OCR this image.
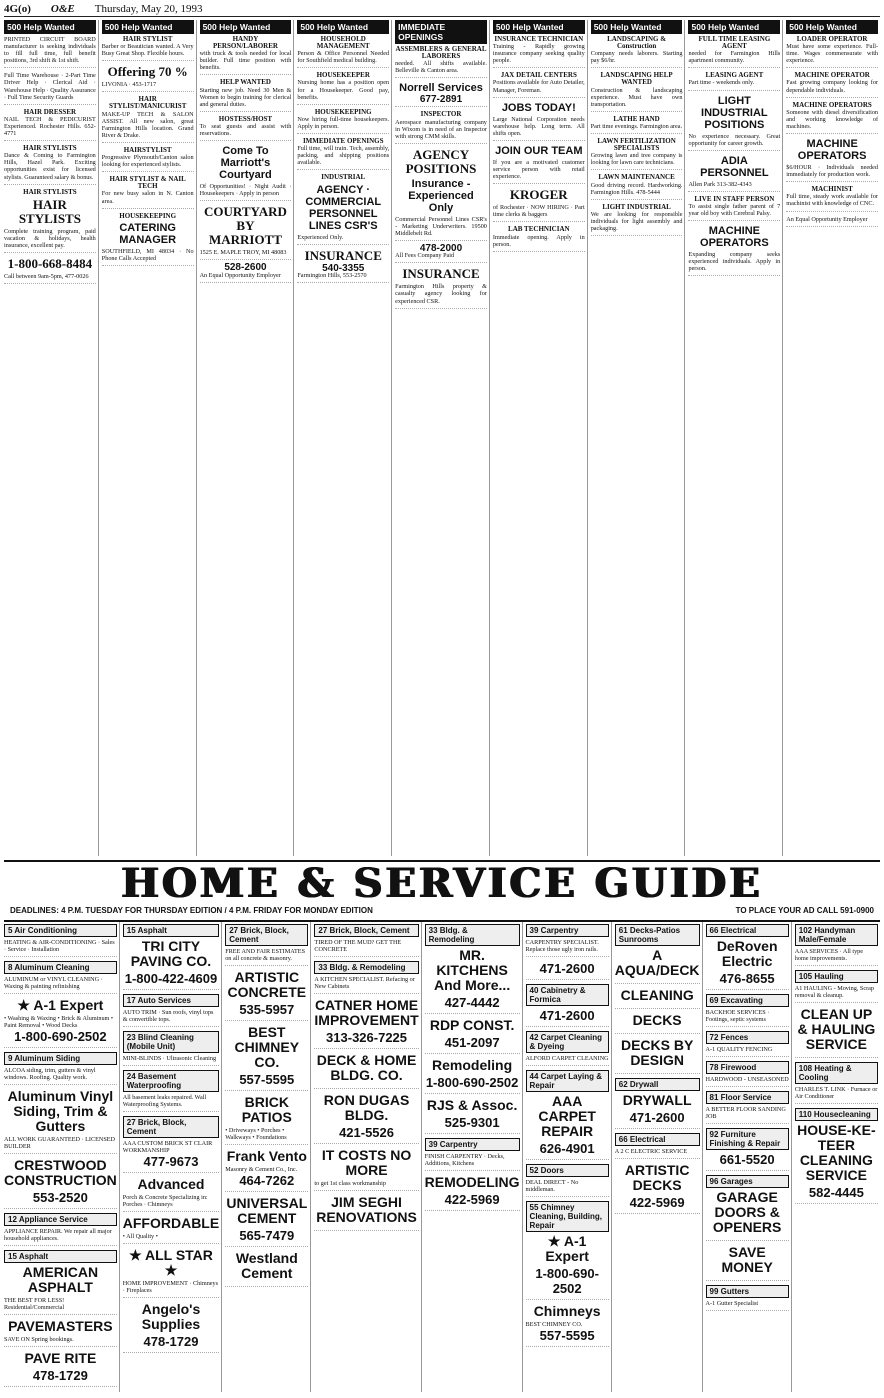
4G(o) O&E Thursday, May 20, 1993
500 Help Wanted
PRINTED CIRCUIT BOARD manufacturer is seeking individuals to fill full time, full benefit positions, 3rd shift & 1st shift.
Full Time Warehouse · 2-Part Time Driver Help · Clerical Aid · Warehouse Help · Quality Assurance · Full Time Security Guards
HAIR DRESSER
NAIL TECH & PEDICURIST Experienced. Rochester Hills. 652-4771
HAIR STYLISTS
Dance & Coming to Farmington Hills, Hazel Park. Exciting opportunities exist for licensed stylists. Guaranteed salary & bonus.
HAIR STYLISTS
HAIR STYLISTS
Complete training program, paid vacation & holidays, health insurance, excellent pay.
1-800-668-8484
Call between 9am-5pm, 477-0026
500 Help Wanted
HAIR STYLIST
Barber or Beautician wanted. A Very Busy Great Shop. Flexible hours.
Offering 70 %
LIVONIA · 453-1717
HAIR STYLIST/MANICURIST
MAKE-UP TECH & SALON ASSIST. All new salon, great Farmington Hills location. Grand River & Drake.
HAIRSTYLIST
Progressive Plymouth/Canton salon looking for experienced stylists.
HAIR STYLIST & NAIL TECH
For new busy salon in N. Canton area.
HOUSEKEEPING
CATERING MANAGER
SOUTHFIELD, MI 48034 · No Phone Calls Accepted
500 Help Wanted
HANDY PERSON/LABORER
with truck & tools needed for local builder. Full time position with benefits.
HELP WANTED
Starting new job. Need 30 Men & Women to begin training for clerical and general duties.
HOSTESS/HOST
To seat guests and assist with reservations.
Come To Marriott's Courtyard
Of Opportunities! · Night Audit · Housekeepers · Apply in person
COURTYARD BY MARRIOTT
1525 E. MAPLE TROY, MI 48083
528-2600
An Equal Opportunity Employer
500 Help Wanted
HOUSEHOLD MANAGEMENT
Person & Office Personnel Needed for Southfield medical building.
HOUSEKEEPER
Nursing home has a position open for a Housekeeper. Good pay, benefits.
HOUSEKEEPING
Now hiring full-time housekeepers. Apply in person.
IMMEDIATE OPENINGS
Full time, will train. Tech, assembly, packing, and shipping positions available.
INDUSTRIAL
AGENCY · COMMERCIAL PERSONNEL LINES CSR'S
Experienced Only.
INSURANCE
540-3355
Farmington Hills, 553-2570
IMMEDIATE OPENINGS
ASSEMBLERS & GENERAL LABORERS
needed. All shifts available. Belleville & Canton area.
Norrell Services
677-2891
INSPECTOR
Aerospace manufacturing company in Wixom is in need of an Inspector with strong CMM skills.
AGENCY POSITIONS
Insurance - Experienced Only
Commercial Personnel Lines CSR's - Marketing Underwriters. 19500 Middlebelt Rd.
478-2000
All Fees Company Paid
INSURANCE
Farmington Hills property & casualty agency looking for experienced CSR.
500 Help Wanted
INSURANCE TECHNICIAN
Training - Rapidly growing insurance company seeking quality people.
JAX DETAIL CENTERS
Positions available for Auto Detailer, Manager, Foreman.
JOBS TODAY!
Large National Corporation needs warehouse help. Long term. All shifts open.
JOIN OUR TEAM
If you are a motivated customer service person with retail experience.
KROGER
of Rochester · NOW HIRING · Part time clerks & baggers
LAB TECHNICIAN
Immediate opening. Apply in person.
500 Help Wanted
LANDSCAPING & Construction
Company needs laborers. Starting pay $6/hr.
LANDSCAPING HELP WANTED
Construction & landscaping experience. Must have own transportation.
LATHE HAND
Part time evenings. Farmington area.
LAWN FERTILIZATION SPECIALISTS
Growing lawn and tree company is looking for lawn care technicians.
LAWN MAINTENANCE
Good driving record. Hardworking. Farmington Hills. 478-5444
LIGHT INDUSTRIAL
We are looking for responsible individuals for light assembly and packaging.
500 Help Wanted
FULL TIME LEASING AGENT
needed for Farmington Hills apartment community.
LEASING AGENT
Part time - weekends only.
LIGHT INDUSTRIAL POSITIONS
No experience necessary. Great opportunity for career growth.
ADIA PERSONNEL
Allen Park 313-382-4343
LIVE IN STAFF PERSON
To assist single father parent of 7 year old boy with Cerebral Palsy.
MACHINE OPERATORS
Expanding company seeks experienced individuals. Apply in person.
500 Help Wanted
LOADER OPERATOR
Must have some experience. Full-time. Wages commensurate with experience.
MACHINE OPERATOR
Fast growing company looking for dependable individuals.
MACHINE OPERATORS
Someone with diesel diversification and working knowledge of machines.
MACHINE OPERATORS
$6/HOUR · Individuals needed immediately for production work.
MACHINIST
Full time, steady work available for machinist with knowledge of CNC.
An Equal Opportunity Employer
HOME & SERVICE GUIDE
DEADLINES: 4 P.M. TUESDAY FOR THURSDAY EDITION / 4 P.M. FRIDAY FOR MONDAY EDITION	TO PLACE YOUR AD CALL 591-0900
5 Air Conditioning
HEATING & AIR-CONDITIONING · Sales · Service · Installation
8 Aluminum Cleaning
ALUMINUM or VINYL CLEANING · Waxing & painting refinishing
★ A-1 Expert
• Washing & Waxing • Brick & Aluminum • Paint Removal • Wood Decks
1-800-690-2502
9 Aluminum Siding
ALCOA siding, trim, gutters & vinyl windows. Roofing. Quality work.
Aluminum Vinyl Siding, Trim & Gutters
ALL WORK GUARANTEED · LICENSED BUILDER
CRESTWOOD CONSTRUCTION
553-2520
12 Appliance Service
APPLIANCE REPAIR. We repair all major household appliances.
15 Asphalt
AMERICAN ASPHALT
THE BEST FOR LESS! Residential/Commercial
PAVEMASTERS
SAVE ON Spring bookings.
PAVE RITE
478-1729
15 Asphalt
TRI CITY PAVING CO.
1-800-422-4609
17 Auto Services
AUTO TRIM · Sun roofs, vinyl tops & convertible tops.
23 Blind Cleaning (Mobile Unit)
MINI-BLINDS · Ultrasonic Cleaning
24 Basement Waterproofing
All basement leaks repaired. Wall Waterproofing Systems.
27 Brick, Block, Cement
AAA CUSTOM BRICK ST CLAIR WORKMANSHIP
477-9673
Advanced
Porch & Concrete Specializing in: Porches · Chimneys
AFFORDABLE
• All Quality •
★ ALL STAR ★
HOME IMPROVEMENT · Chimneys · Fireplaces
Angelo's Supplies
478-1729
27 Brick, Block, Cement
FREE AND FAIR ESTIMATES on all concrete & masonry.
ARTISTIC CONCRETE
535-5957
BEST CHIMNEY CO.
557-5595
BRICK PATIOS
• Driveways • Porches • Walkways • Foundations
Frank Vento
Masonry & Cement Co., Inc.
464-7262
UNIVERSAL CEMENT
565-7479
Westland Cement
27 Brick, Block, Cement
TIRED OF THE MUD? GET THE CONCRETE
33 Bldg. & Remodeling
A KITCHEN SPECIALIST. Refacing or New Cabinets
CATNER HOME IMPROVEMENT
313-326-7225
DECK & HOME BLDG. CO.
RON DUGAS BLDG.
421-5526
IT COSTS NO MORE
to get 1st class workmanship
JIM SEGHI RENOVATIONS
33 Bldg. & Remodeling
MR. KITCHENS And More...
427-4442
RDP CONST.
451-2097
Remodeling
1-800-690-2502
RJS & Assoc.
525-9301
39 Carpentry
FINISH CARPENTRY · Decks, Additions, Kitchens
REMODELING
422-5969
39 Carpentry
CARPENTRY SPECIALIST. Replace those ugly iron rails.
471-2600
40 Cabinetry & Formica
471-2600
42 Carpet Cleaning & Dyeing
ALFORD CARPET CLEANING
44 Carpet Laying & Repair
AAA CARPET REPAIR
626-4901
52 Doors
DEAL DIRECT - No middleman.
55 Chimney Cleaning, Building, Repair
★ A-1 Expert
1-800-690-2502
Chimneys
BEST CHIMNEY CO.
557-5595
61 Decks-Patios Sunrooms
A AQUA/DECK
CLEANING
DECKS
DECKS BY DESIGN
62 Drywall
DRYWALL
471-2600
66 Electrical
A 2 C ELECTRIC SERVICE
ARTISTIC DECKS
422-5969
66 Electrical
DeRoven Electric
476-8655
69 Excavating
BACKHOE SERVICES · Footings, septic systems
72 Fences
A-1 QUALITY FENCING
78 Firewood
HARDWOOD - UNSEASONED
81 Floor Service
A BETTER FLOOR SANDING JOB
92 Furniture Finishing & Repair
661-5520
96 Garages
GARAGE DOORS & OPENERS
SAVE MONEY
99 Gutters
A-1 Gutter Specialist
102 Handyman Male/Female
AAA SERVICES · All type home improvements.
105 Hauling
A1 HAULING - Moving, Scrap removal & cleanup.
CLEAN UP & HAULING SERVICE
108 Heating & Cooling
CHARLES T. LINK · Furnace or Air Conditioner
110 Housecleaning
HOUSE-KE-TEER CLEANING SERVICE
582-4445
